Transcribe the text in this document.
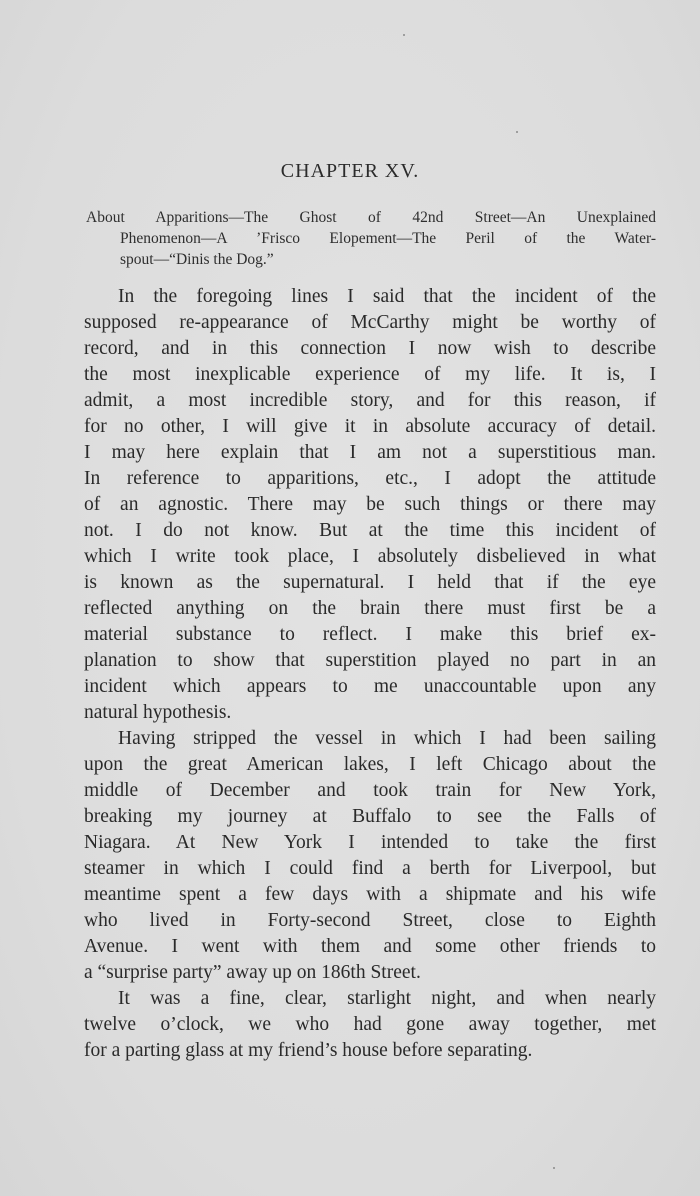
CHAPTER XV.
About Apparitions—The Ghost of 42nd Street—An Unexplained
Phenomenon—A ’Frisco Elopement—The Peril of the Water-
spout—“Dinis the Dog.”
In the foregoing lines I said that the incident of the
supposed re-appearance of McCarthy might be worthy of
record, and in this connection I now wish to describe
the most inexplicable experience of my life. It is, I
admit, a most incredible story, and for this reason, if
for no other, I will give it in absolute accuracy of detail.
I may here explain that I am not a superstitious man.
In reference to apparitions, etc., I adopt the attitude
of an agnostic. There may be such things or there may
not. I do not know. But at the time this incident of
which I write took place, I absolutely disbelieved in what
is known as the supernatural. I held that if the eye
reflected anything on the brain there must first be a
material substance to reflect. I make this brief ex-
planation to show that superstition played no part in an
incident which appears to me unaccountable upon any
natural hypothesis.
Having stripped the vessel in which I had been sailing
upon the great American lakes, I left Chicago about the
middle of December and took train for New York,
breaking my journey at Buffalo to see the Falls of
Niagara. At New York I intended to take the first
steamer in which I could find a berth for Liverpool, but
meantime spent a few days with a shipmate and his wife
who lived in Forty-second Street, close to Eighth
Avenue. I went with them and some other friends to
a “surprise party” away up on 186th Street.
It was a fine, clear, starlight night, and when nearly
twelve o’clock, we who had gone away together, met
for a parting glass at my friend’s house before separating.
